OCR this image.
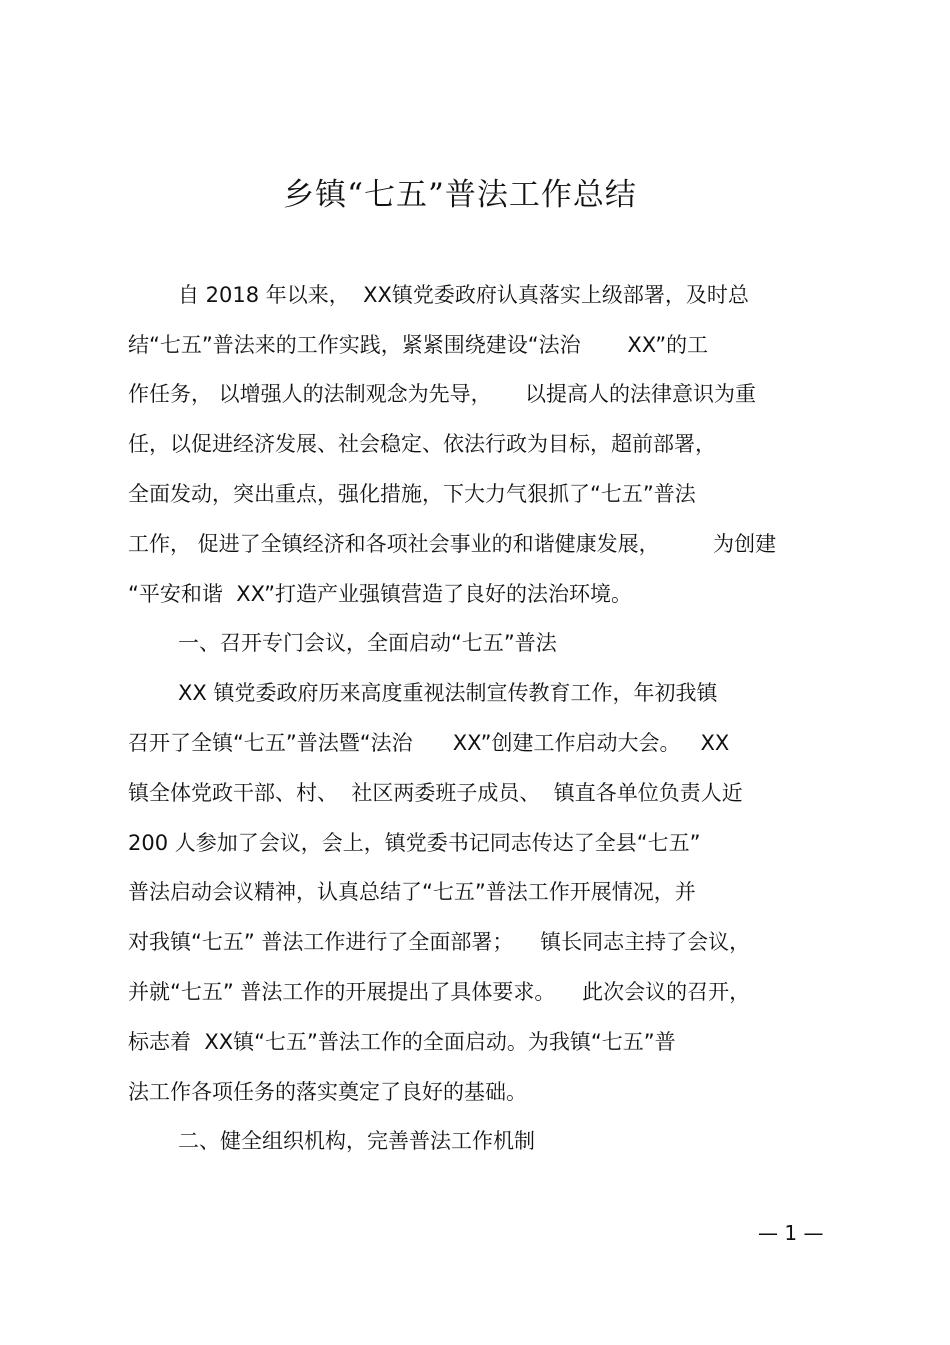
乡镇“七五”普法工作总结
自 2018 年以来，  XX镇党委政府认真落实上级部署，及时总
结“七五”普法来的工作实践，紧紧围绕建设“法治       XX”的工
作任务， 以增强人的法制观念为先导，     以提高人的法律意识为重
任，以促进经济发展、社会稳定、依法行政为目标，超前部署，
全面发动，突出重点，强化措施，下大力气狠抓了“七五”普法
工作， 促进了全镇经济和各项社会事业的和谐健康发展，        为创建
“平安和谐  XX”打造产业强镇营造了良好的法治环境。
一、召开专门会议，全面启动“七五”普法
XX 镇党委政府历来高度重视法制宣传教育工作，年初我镇
召开了全镇“七五”普法暨“法治      XX”创建工作启动大会。   XX
镇全体党政干部、村、  社区两委班子成员、  镇直各单位负责人近
200 人参加了会议，会上，镇党委书记同志传达了全县“七五”
普法启动会议精神，认真总结了“七五”普法工作开展情况，并
对我镇“七五” 普法工作进行了全面部署；    镇长同志主持了会议，
并就“七五” 普法工作的开展提出了具体要求。    此次会议的召开，
标志着  XX镇“七五”普法工作的全面启动。为我镇“七五”普
法工作各项任务的落实奠定了良好的基础。
二、健全组织机构，完善普法工作机制
— 1 —
